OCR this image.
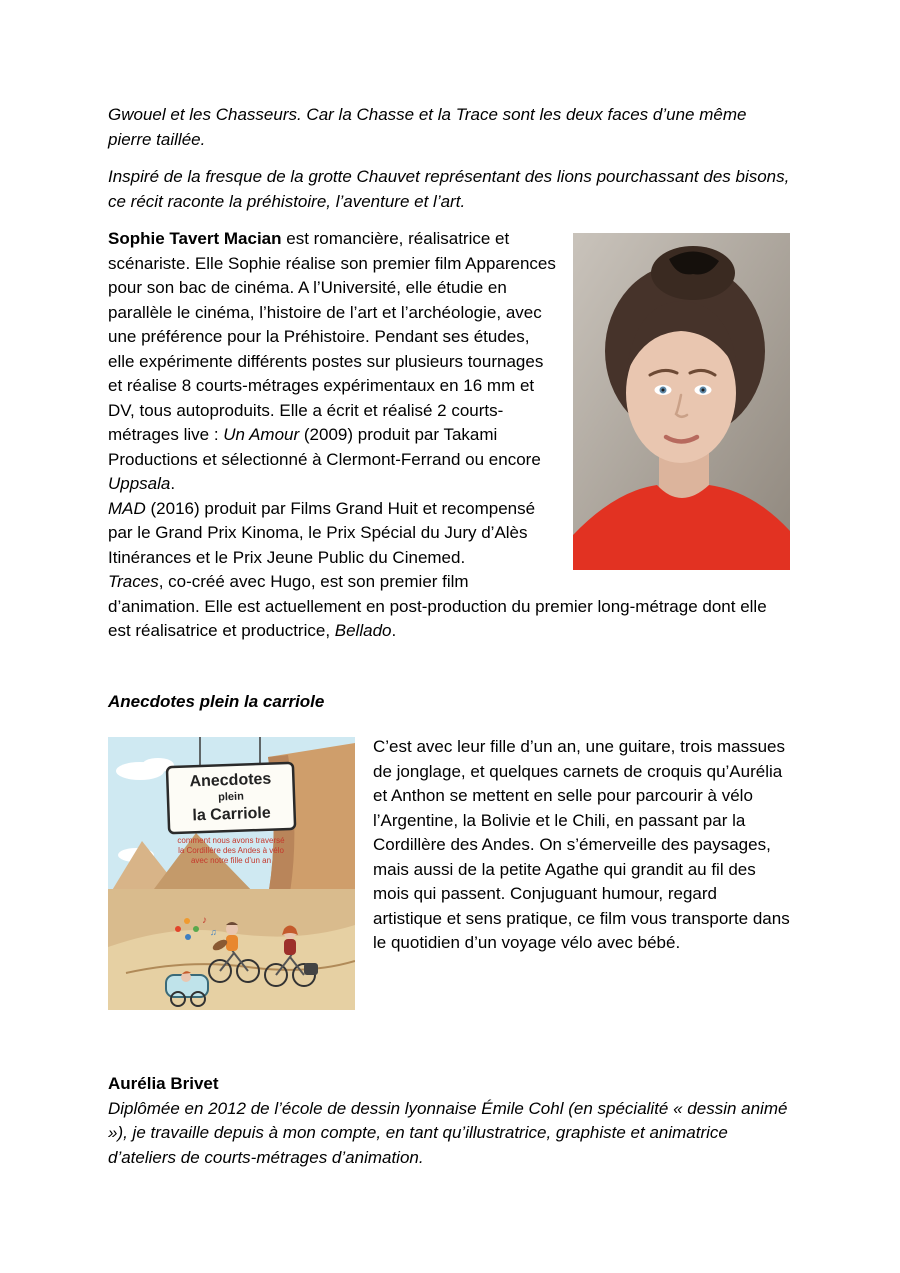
Gwouel et les Chasseurs. Car la Chasse et la Trace sont les deux faces d’une même pierre taillée.

Inspiré de la fresque de la grotte Chauvet représentant des lions pourchassant des bisons, ce récit raconte la préhistoire, l’aventure et l’art.

Sophie Tavert Macian est romancière, réalisatrice et scénariste. Elle Sophie réalise son premier film Apparences pour son bac de cinéma. A l’Université, elle étudie en parallèle le cinéma, l’histoire de l’art et l’archéologie, avec une préférence pour la Préhistoire. Pendant ses études, elle expérimente différents postes sur plusieurs tournages et réalise 8 courts-métrages expérimentaux en 16 mm et DV, tous autoproduits. Elle a écrit et réalisé 2 courts-métrages live : Un Amour (2009) produit par Takami Productions et sélectionné à Clermont-Ferrand ou encore Uppsala.
MAD (2016) produit par Films Grand Huit et recompensé par le Grand Prix Kinoma, le Prix Spécial du Jury d’Alès Itinérances et le Prix Jeune Public du Cinemed.
Traces, co-créé avec Hugo, est son premier film d’animation. Elle est actuellement en post-production du premier long-métrage dont elle est réalisatrice et productrice, Bellado.

Anecdotes plein la carriole

Anecdotes
plein
la Carriole
comment nous avons traversé
la Cordillère des Andes à vélo
avec notre fille d’un an
♪
♫

C’est avec leur fille d’un an, une guitare, trois massues de jonglage, et quelques carnets de croquis qu’Aurélia et Anthon se mettent en selle pour parcourir à vélo l’Argentine, la Bolivie et le Chili, en passant par la Cordillère des Andes. On s’émerveille des paysages, mais aussi de la petite Agathe qui grandit au fil des mois qui passent. Conjuguant humour, regard artistique et sens pratique, ce film vous transporte dans le quotidien d’un voyage vélo avec bébé.

Aurélia Brivet

Diplômée en 2012 de l’école de dessin lyonnaise Émile Cohl (en spécialité « dessin animé »), je travaille depuis à mon compte, en tant qu’illustratrice, graphiste et animatrice d’ateliers de courts-métrages d’animation.
